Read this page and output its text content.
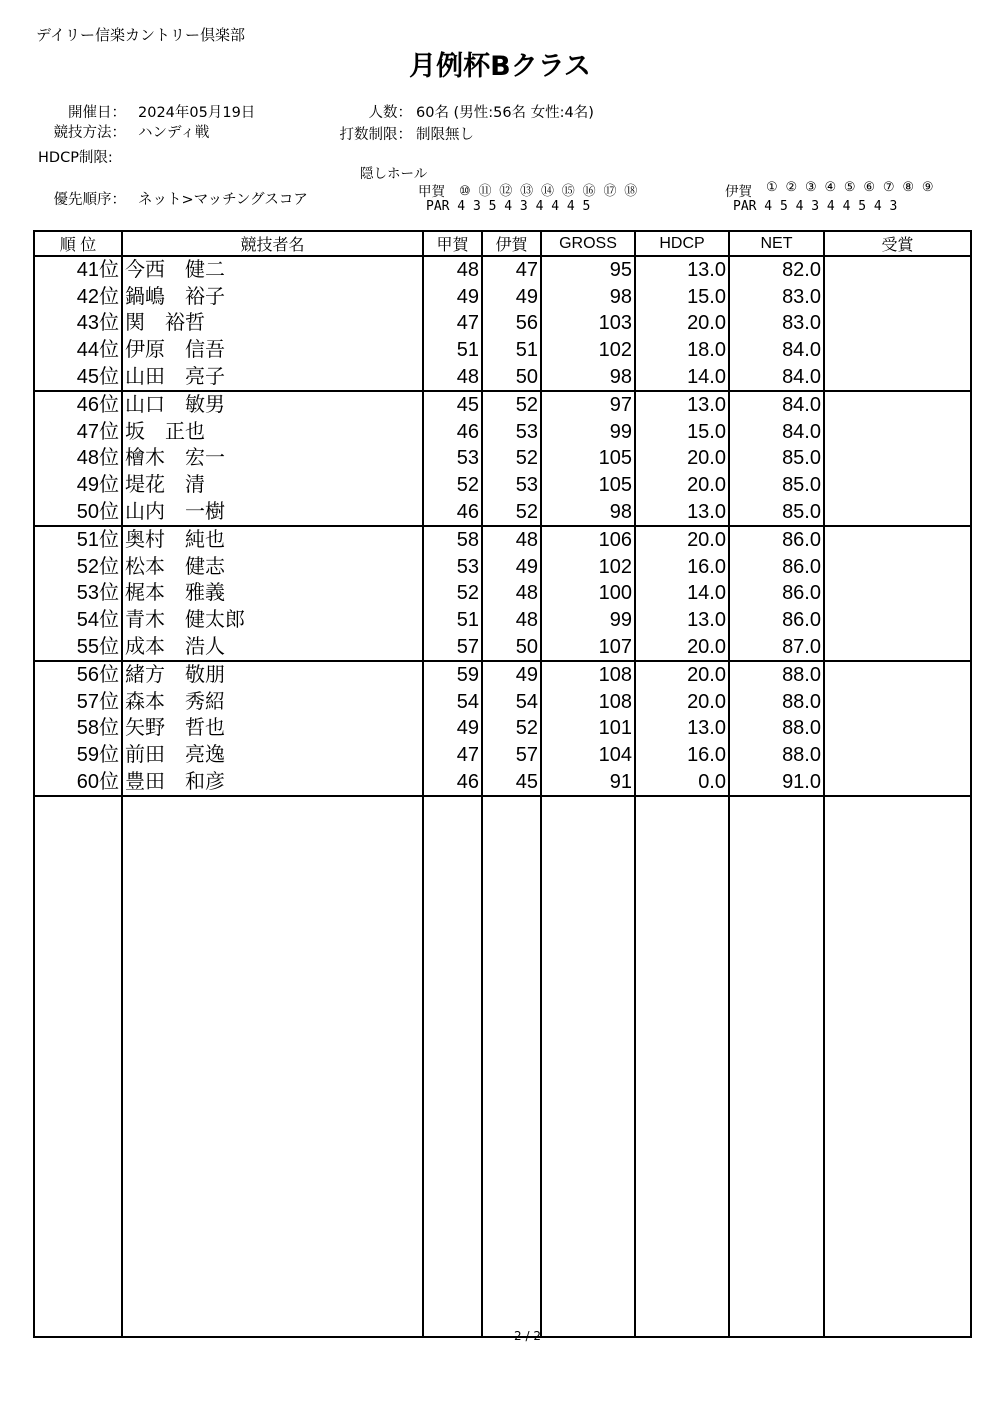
デイリー信楽カントリー倶楽部
月例杯Bクラス
開催日： 2024年05月19日
競技方法： ハンディ戦
HDCP制限:
優先順序： ネット>マッチングスコア
人数： 60名 (男性:56名 女性:4名)
打数制限： 制限無し
隠しホール
甲賀 ⑩ ⑪ ⑫ ⑬ ⑭ ⑮ ⑯ ⑰ ⑱
PAR 4 3 5 4 3 4 4 4 5
伊賀 ① ② ③ ④ ⑤ ⑥ ⑦ ⑧ ⑨
PAR 4 5 4 3 4 4 5 4 3
順 位	競技者名	甲賀	伊賀	GROSS	HDCP	NET	受賞
41位	今西　健二	48	47	95	13.0	82.0	
42位	鍋嶋　裕子	49	49	98	15.0	83.0	
43位	関　裕哲	47	56	103	20.0	83.0	
44位	伊原　信吾	51	51	102	18.0	84.0	
45位	山田　亮子	48	50	98	14.0	84.0	
46位	山口　敏男	45	52	97	13.0	84.0	
47位	坂　正也	46	53	99	15.0	84.0	
48位	檜木　宏一	53	52	105	20.0	85.0	
49位	堤花　清	52	53	105	20.0	85.0	
50位	山内　一樹	46	52	98	13.0	85.0	
51位	奥村　純也	58	48	106	20.0	86.0	
52位	松本　健志	53	49	102	16.0	86.0	
53位	梶本　雅義	52	48	100	14.0	86.0	
54位	青木　健太郎	51	48	99	13.0	86.0	
55位	成本　浩人	57	50	107	20.0	87.0	
56位	緒方　敬朋	59	49	108	20.0	88.0	
57位	森本　秀紹	54	54	108	20.0	88.0	
58位	矢野　哲也	49	52	101	13.0	88.0	
59位	前田　亮逸	47	57	104	16.0	88.0	
60位	豊田　和彦	46	45	91	0.0	91.0	

2 / 2
